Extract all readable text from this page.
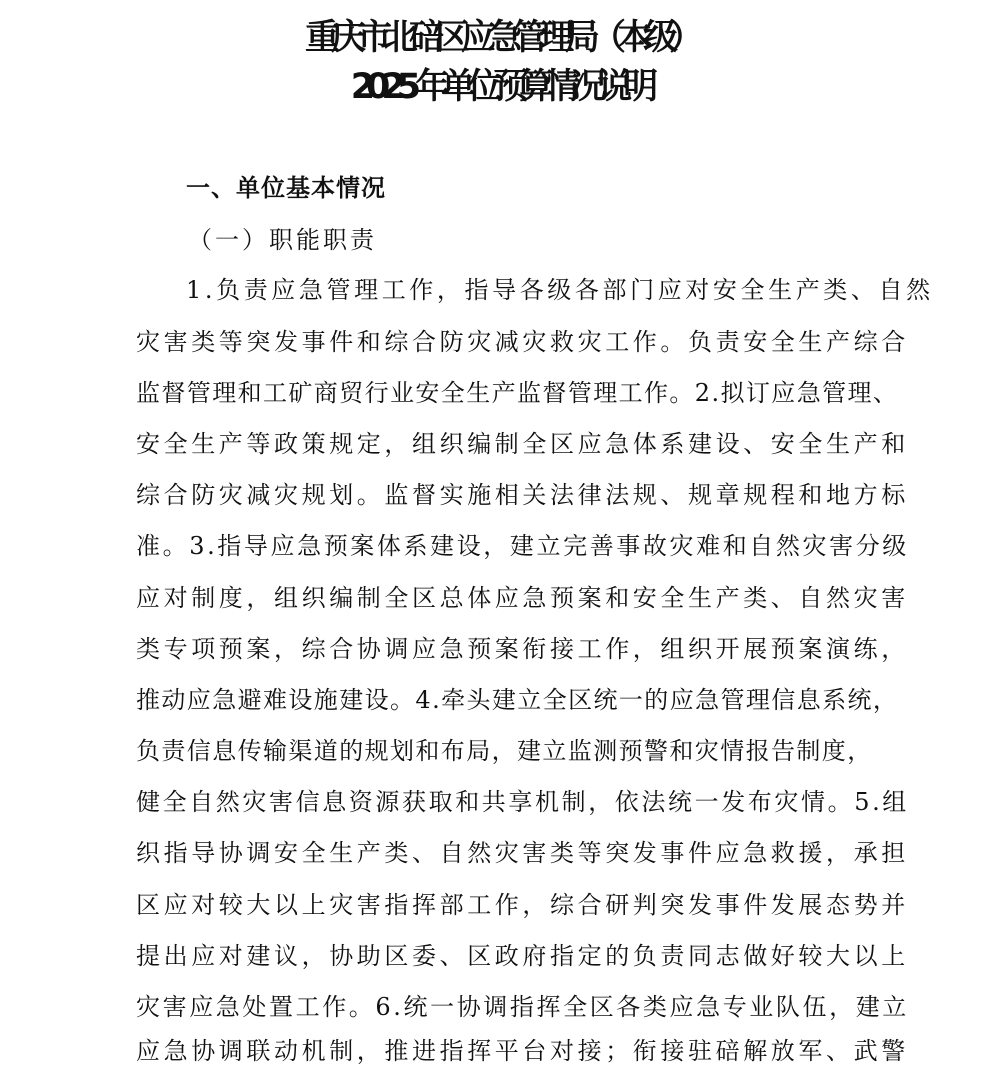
重庆市北碚区应急管理局（本级）
2025 年单位预算情况说明
一、单位基本情况
（一）职能职责
1.负责应急管理工作，指导各级各部门应对安全生产类、自然
灾害类等突发事件和综合防灾减灾救灾工作。负责安全生产综合
监督管理和工矿商贸行业安全生产监督管理工作。2.拟订应急管理、
安全生产等政策规定，组织编制全区应急体系建设、安全生产和
综合防灾减灾规划。监督实施相关法律法规、规章规程和地方标
准。3.指导应急预案体系建设，建立完善事故灾难和自然灾害分级
应对制度，组织编制全区总体应急预案和安全生产类、自然灾害
类专项预案，综合协调应急预案衔接工作，组织开展预案演练，
推动应急避难设施建设。4.牵头建立全区统一的应急管理信息系统，
负责信息传输渠道的规划和布局，建立监测预警和灾情报告制度，
健全自然灾害信息资源获取和共享机制，依法统一发布灾情。5.组
织指导协调安全生产类、自然灾害类等突发事件应急救援，承担
区应对较大以上灾害指挥部工作，综合研判突发事件发展态势并
提出应对建议，协助区委、区政府指定的负责同志做好较大以上
灾害应急处置工作。6.统一协调指挥全区各类应急专业队伍，建立
应急协调联动机制，推进指挥平台对接；衔接驻碚解放军、武警
